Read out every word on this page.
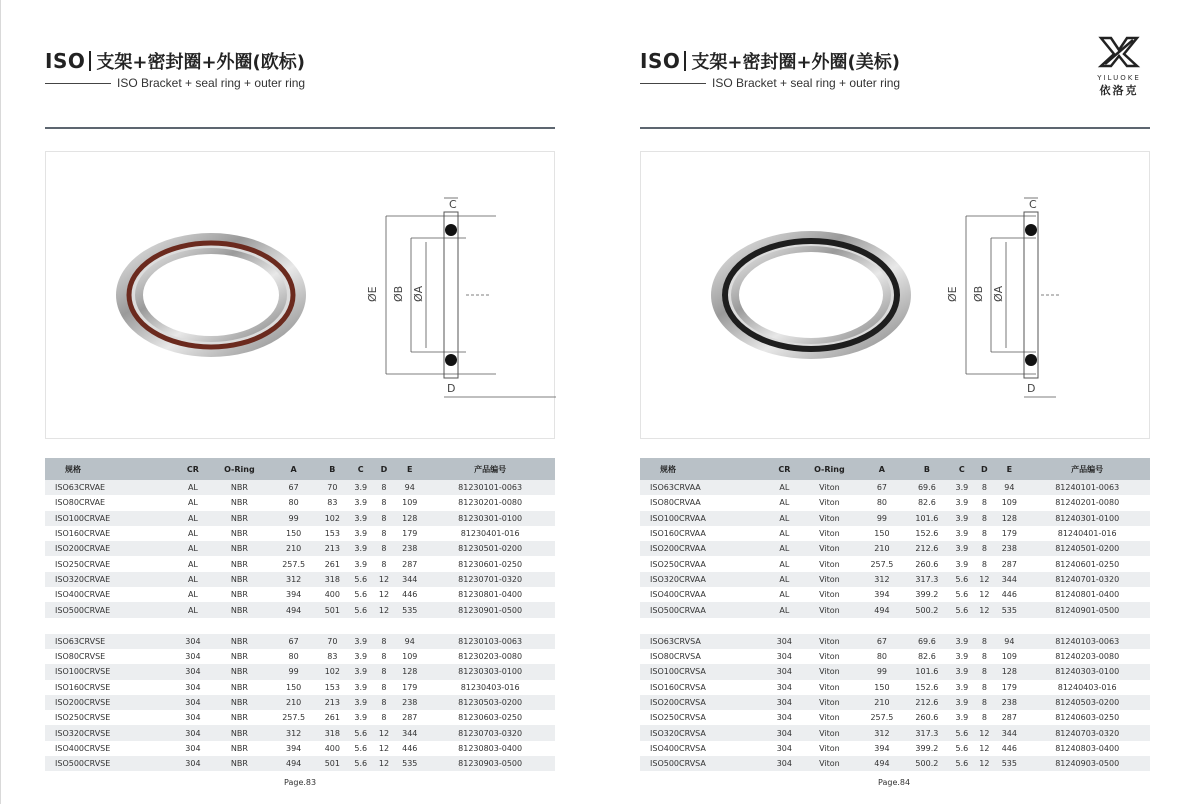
ISO 支架+密封圈+外圈(欧标)
ISO Bracket + seal ring + outer ring
C
D
ØE ØB ØA
规格	CR	O-Ring	A	B	C	D	E	产品编号
ISO63CRVAE	AL	NBR	67	70	3.9	8	94	81230101-0063
ISO80CRVAE	AL	NBR	80	83	3.9	8	109	81230201-0080
ISO100CRVAE	AL	NBR	99	102	3.9	8	128	81230301-0100
ISO160CRVAE	AL	NBR	150	153	3.9	8	179	81230401-016
ISO200CRVAE	AL	NBR	210	213	3.9	8	238	81230501-0200
ISO250CRVAE	AL	NBR	257.5	261	3.9	8	287	81230601-0250
ISO320CRVAE	AL	NBR	312	318	5.6	12	344	81230701-0320
ISO400CRVAE	AL	NBR	394	400	5.6	12	446	81230801-0400
ISO500CRVAE	AL	NBR	494	501	5.6	12	535	81230901-0500

ISO63CRVSE	304	NBR	67	70	3.9	8	94	81230103-0063
ISO80CRVSE	304	NBR	80	83	3.9	8	109	81230203-0080
ISO100CRVSE	304	NBR	99	102	3.9	8	128	81230303-0100
ISO160CRVSE	304	NBR	150	153	3.9	8	179	81230403-016
ISO200CRVSE	304	NBR	210	213	3.9	8	238	81230503-0200
ISO250CRVSE	304	NBR	257.5	261	3.9	8	287	81230603-0250
ISO320CRVSE	304	NBR	312	318	5.6	12	344	81230703-0320
ISO400CRVSE	304	NBR	394	400	5.6	12	446	81230803-0400
ISO500CRVSE	304	NBR	494	501	5.6	12	535	81230903-0500
Page.83
ISO 支架+密封圈+外圈(美标)
ISO Bracket + seal ring + outer ring	YILUOKE
依洛克
C
D
ØE ØB ØA
规格	CR	O-Ring	A	B	C	D	E	产品编号
ISO63CRVAA	AL	Viton	67	69.6	3.9	8	94	81240101-0063
ISO80CRVAA	AL	Viton	80	82.6	3.9	8	109	81240201-0080
ISO100CRVAA	AL	Viton	99	101.6	3.9	8	128	81240301-0100
ISO160CRVAA	AL	Viton	150	152.6	3.9	8	179	81240401-016
ISO200CRVAA	AL	Viton	210	212.6	3.9	8	238	81240501-0200
ISO250CRVAA	AL	Viton	257.5	260.6	3.9	8	287	81240601-0250
ISO320CRVAA	AL	Viton	312	317.3	5.6	12	344	81240701-0320
ISO400CRVAA	AL	Viton	394	399.2	5.6	12	446	81240801-0400
ISO500CRVAA	AL	Viton	494	500.2	5.6	12	535	81240901-0500

ISO63CRVSA	304	Viton	67	69.6	3.9	8	94	81240103-0063
ISO80CRVSA	304	Viton	80	82.6	3.9	8	109	81240203-0080
ISO100CRVSA	304	Viton	99	101.6	3.9	8	128	81240303-0100
ISO160CRVSA	304	Viton	150	152.6	3.9	8	179	81240403-016
ISO200CRVSA	304	Viton	210	212.6	3.9	8	238	81240503-0200
ISO250CRVSA	304	Viton	257.5	260.6	3.9	8	287	81240603-0250
ISO320CRVSA	304	Viton	312	317.3	5.6	12	344	81240703-0320
ISO400CRVSA	304	Viton	394	399.2	5.6	12	446	81240803-0400
ISO500CRVSA	304	Viton	494	500.2	5.6	12	535	81240903-0500
Page.84
